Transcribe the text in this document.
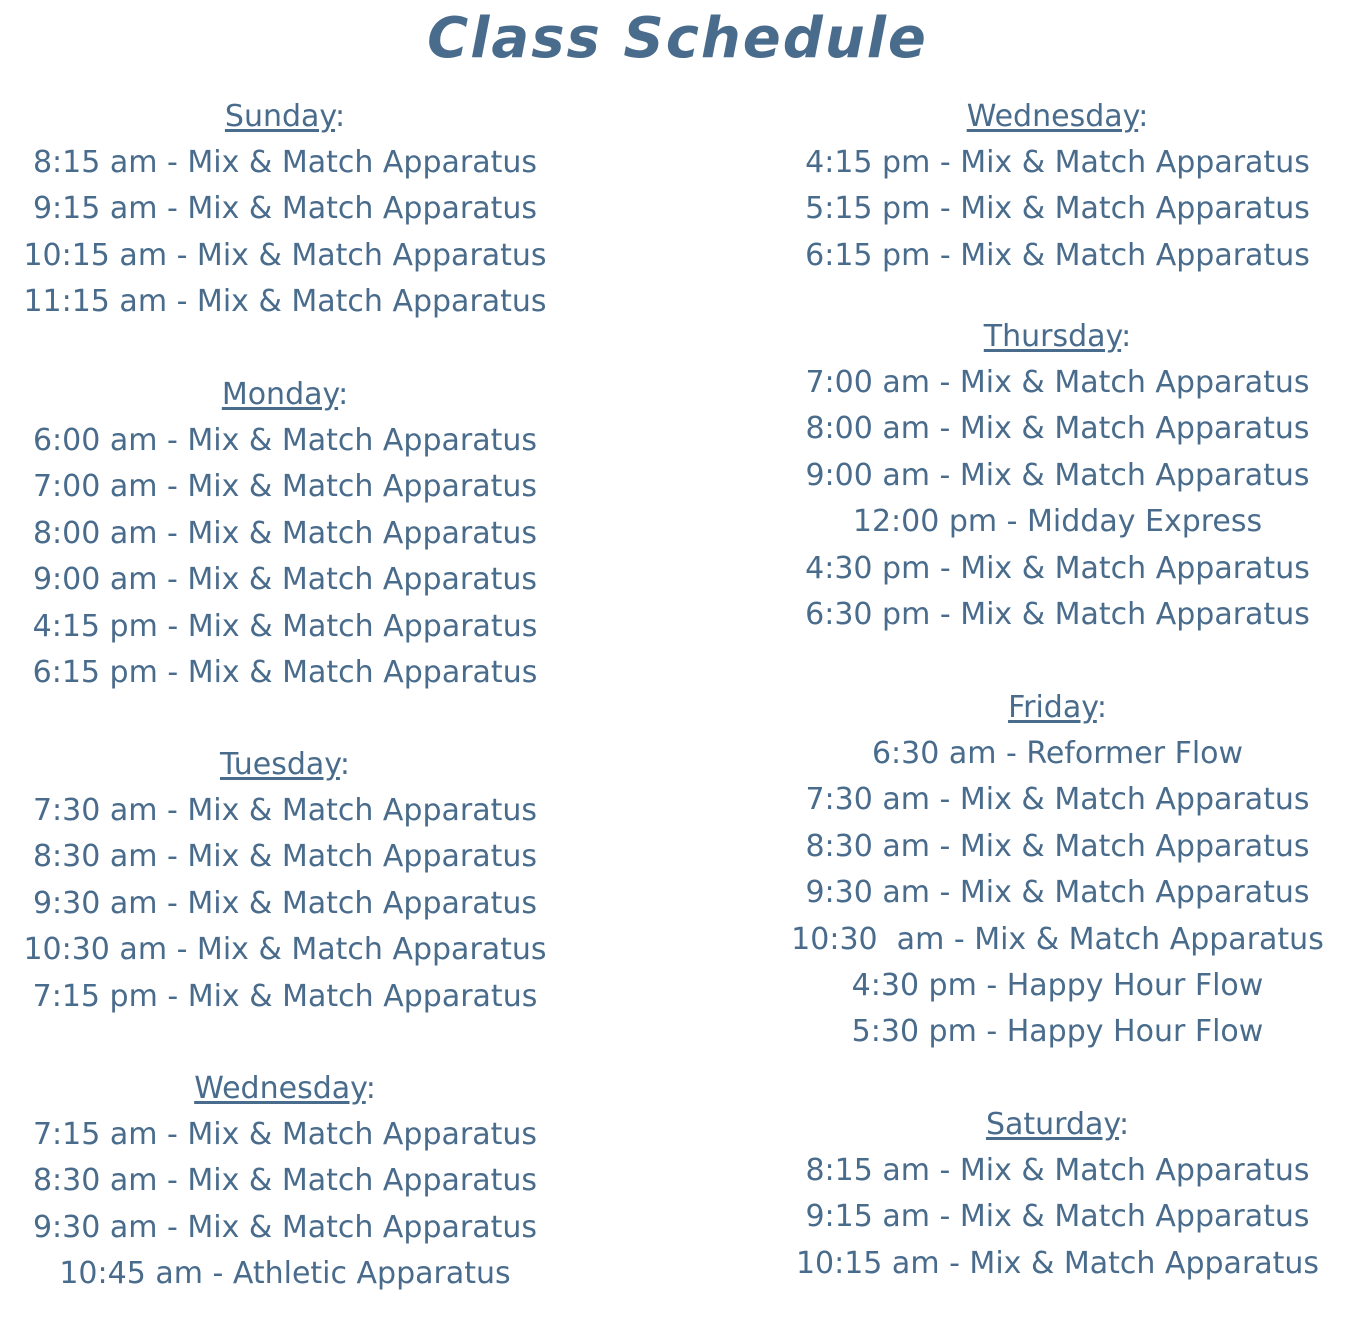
Class Schedule
Sunday:
8:15 am - Mix & Match Apparatus
9:15 am - Mix & Match Apparatus
10:15 am - Mix & Match Apparatus
11:15 am - Mix & Match Apparatus
Monday:
6:00 am - Mix & Match Apparatus
7:00 am - Mix & Match Apparatus
8:00 am - Mix & Match Apparatus
9:00 am - Mix & Match Apparatus
4:15 pm - Mix & Match Apparatus
6:15 pm - Mix & Match Apparatus
Tuesday:
7:30 am - Mix & Match Apparatus
8:30 am - Mix & Match Apparatus
9:30 am - Mix & Match Apparatus
10:30 am - Mix & Match Apparatus
7:15 pm - Mix & Match Apparatus
Wednesday:
7:15 am - Mix & Match Apparatus
8:30 am - Mix & Match Apparatus
9:30 am - Mix & Match Apparatus
10:45 am - Athletic Apparatus
Wednesday:
4:15 pm - Mix & Match Apparatus
5:15 pm - Mix & Match Apparatus
6:15 pm - Mix & Match Apparatus
Thursday:
7:00 am - Mix & Match Apparatus
8:00 am - Mix & Match Apparatus
9:00 am - Mix & Match Apparatus
12:00 pm - Midday Express
4:30 pm - Mix & Match Apparatus
6:30 pm - Mix & Match Apparatus
Friday:
6:30 am - Reformer Flow
7:30 am - Mix & Match Apparatus
8:30 am - Mix & Match Apparatus
9:30 am - Mix & Match Apparatus
10:30  am - Mix & Match Apparatus
4:30 pm - Happy Hour Flow
5:30 pm - Happy Hour Flow
Saturday:
8:15 am - Mix & Match Apparatus
9:15 am - Mix & Match Apparatus
10:15 am - Mix & Match Apparatus
